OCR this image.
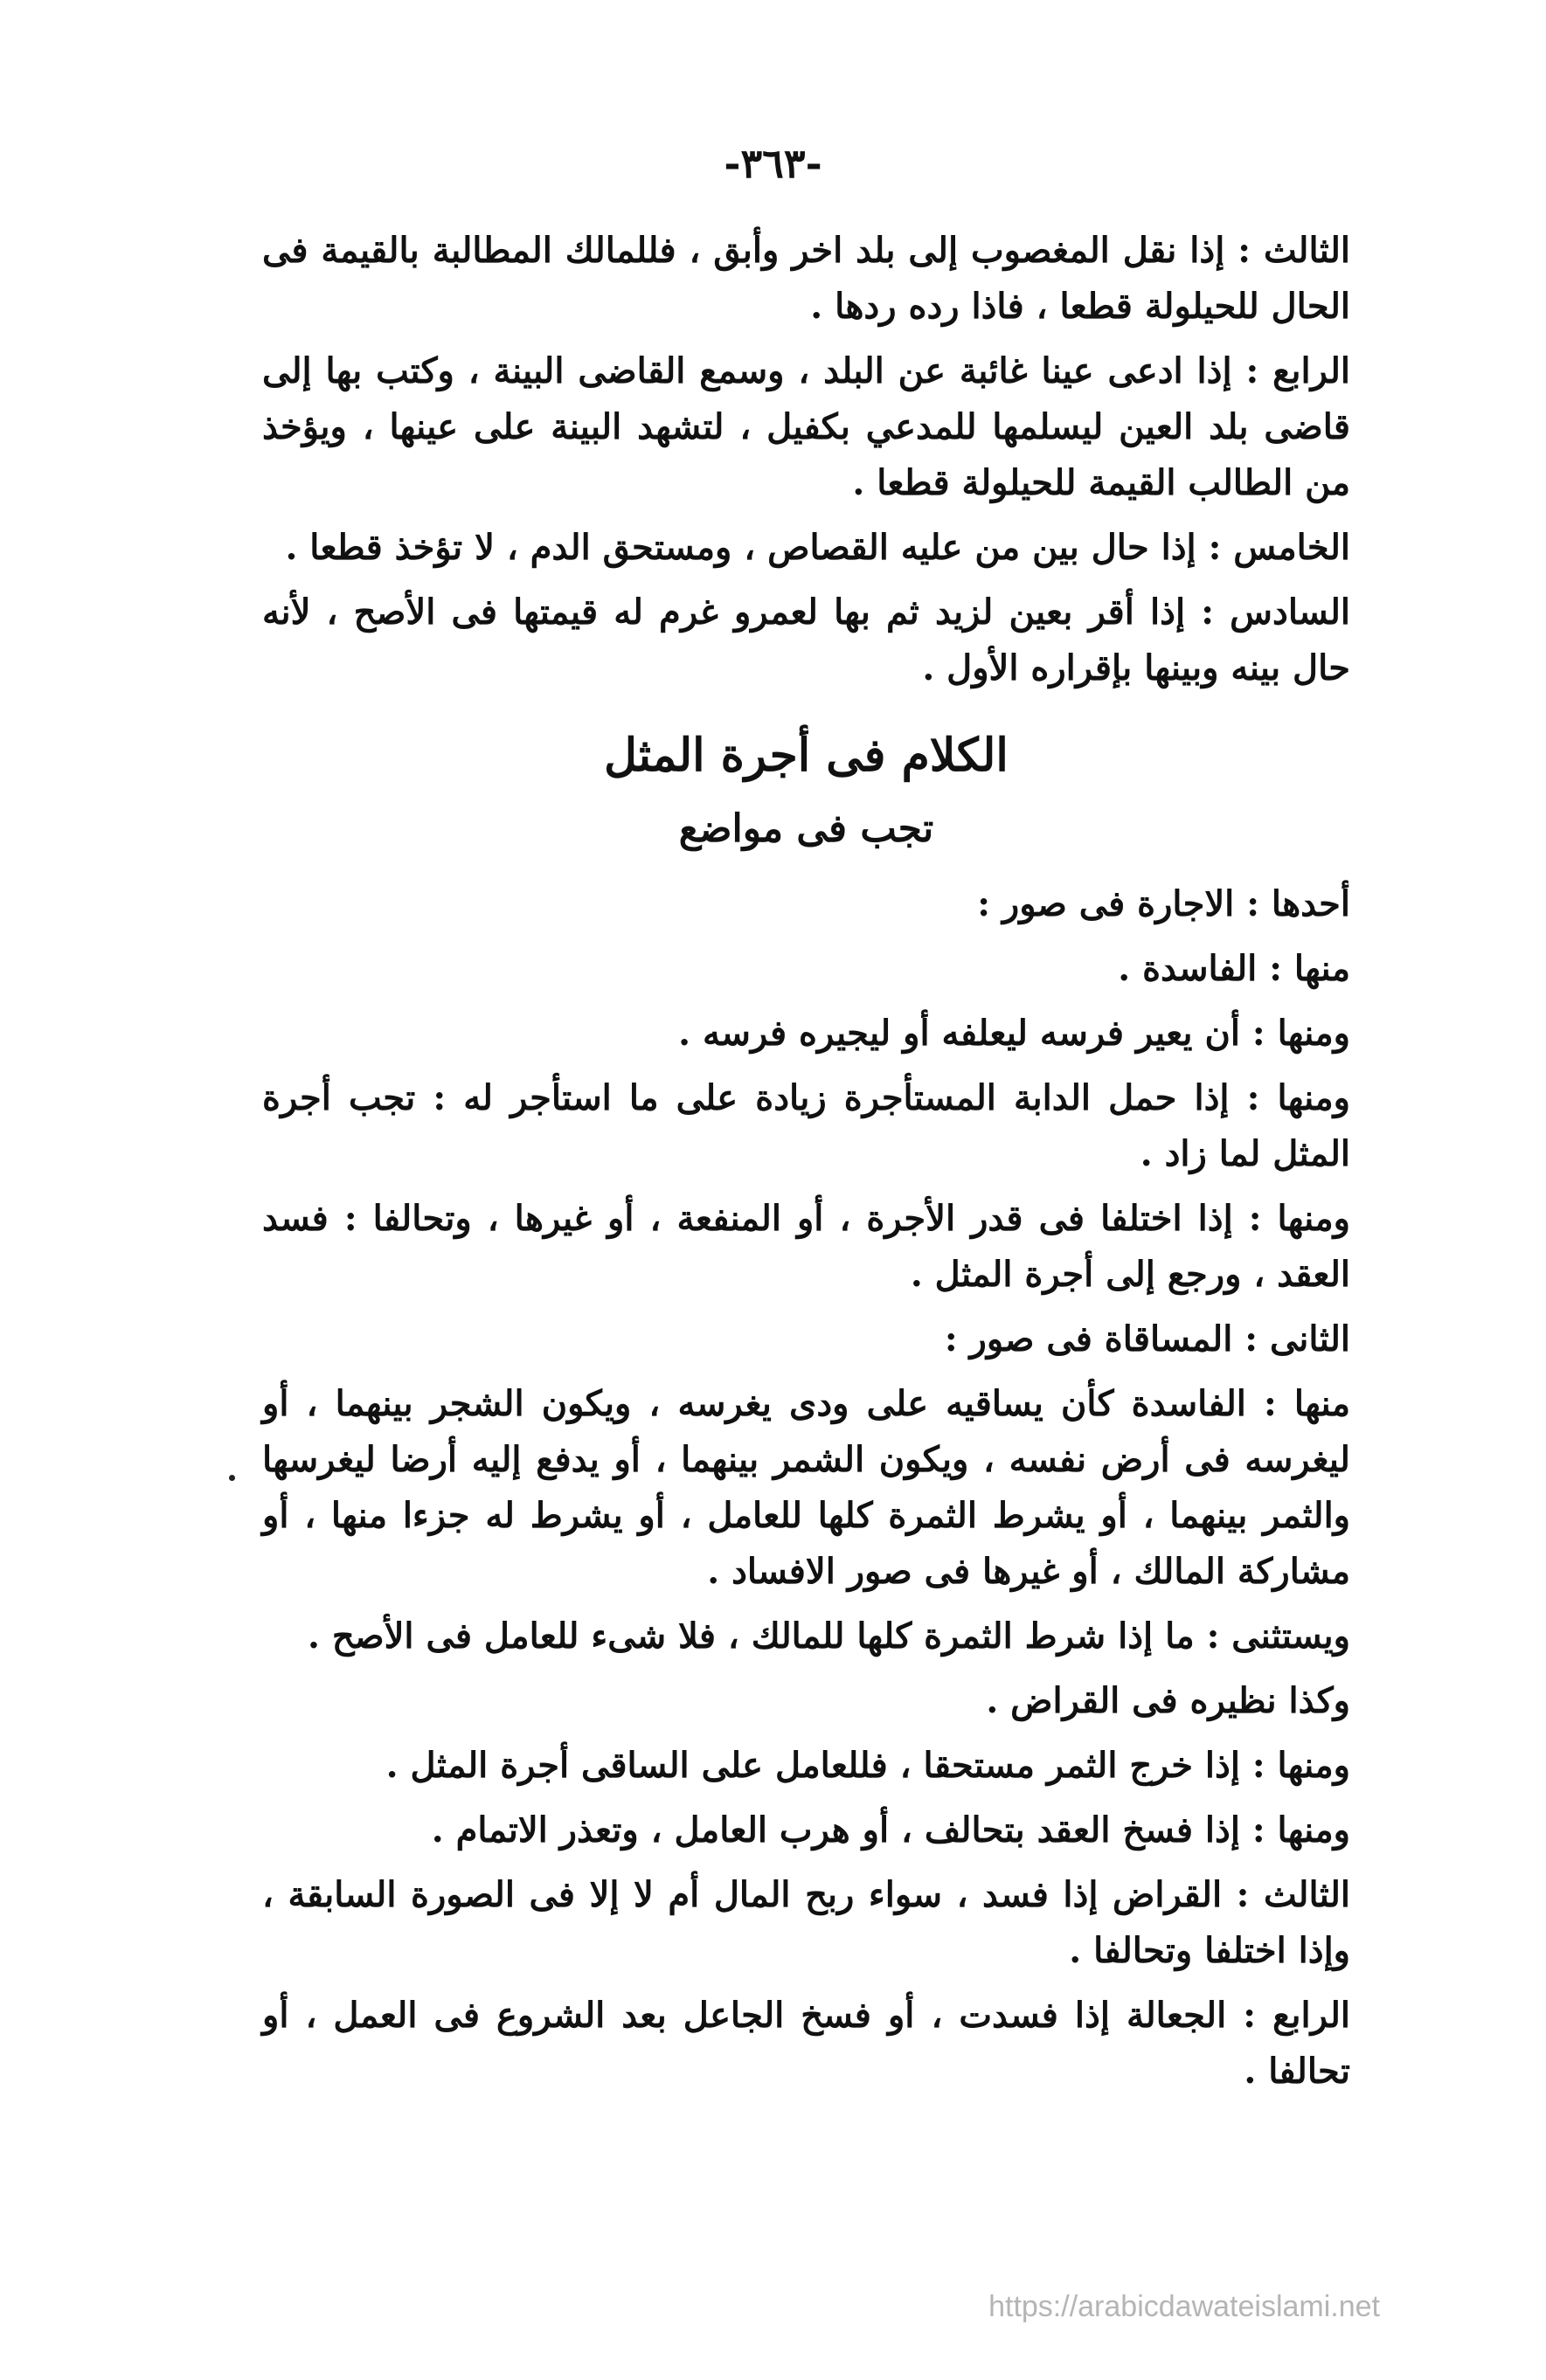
-٣٦٣-

الثالث : إذا نقل المغصوب إلى بلد اخر وأبق ، فللمالك المطالبة بالقيمة فى الحال للحيلولة قطعا ، فاذا رده ردها .

الرابع : إذا ادعى عينا غائبة عن البلد ، وسمع القاضى البينة ، وكتب بها إلى قاضى بلد العين ليسلمها للمدعي بكفيل ، لتشهد البينة على عينها ، ويؤخذ من الطالب القيمة للحيلولة قطعا .

الخامس : إذا حال بين من عليه القصاص ، ومستحق الدم ، لا تؤخذ قطعا .

السادس : إذا أقر بعين لزيد ثم بها لعمرو غرم له قيمتها فى الأصح ، لأنه حال بينه وبينها بإقراره الأول .

الكلام فى أجرة المثل
تجب فى مواضع

أحدها : الاجارة فى صور :

منها : الفاسدة .

ومنها : أن يعير فرسه ليعلفه أو ليجيره فرسه .

ومنها : إذا حمل الدابة المستأجرة زيادة على ما استأجر له : تجب أجرة المثل لما زاد .

ومنها : إذا اختلفا فى قدر الأجرة ، أو المنفعة ، أو غيرها ، وتحالفا : فسد العقد ، ورجع إلى أجرة المثل .

الثانى : المساقاة فى صور :

منها : الفاسدة كأن يساقيه على ودى يغرسه ، ويكون الشجر بينهما ، أو ليغرسه فى أرض نفسه ، ويكون الشمر بينهما ، أو يدفع إليه أرضا ليغرسها والثمر بينهما ، أو يشرط الثمرة كلها للعامل ، أو يشرط له جزءا منها ، أو مشاركة المالك ، أو غيرها فى صور الافساد .

ويستثنى : ما إذا شرط الثمرة كلها للمالك ، فلا شىء للعامل فى الأصح .

وكذا نظيره فى القراض .

ومنها : إذا خرج الثمر مستحقا ، فللعامل على الساقى أجرة المثل .

ومنها : إذا فسخ العقد بتحالف ، أو هرب العامل ، وتعذر الاتمام .

الثالث : القراض إذا فسد ، سواء ربح المال أم لا إلا فى الصورة السابقة ، وإذا اختلفا وتحالفا .

الرابع : الجعالة إذا فسدت ، أو فسخ الجاعل بعد الشروع فى العمل ، أو تحالفا .

https://arabicdawateislami.net
